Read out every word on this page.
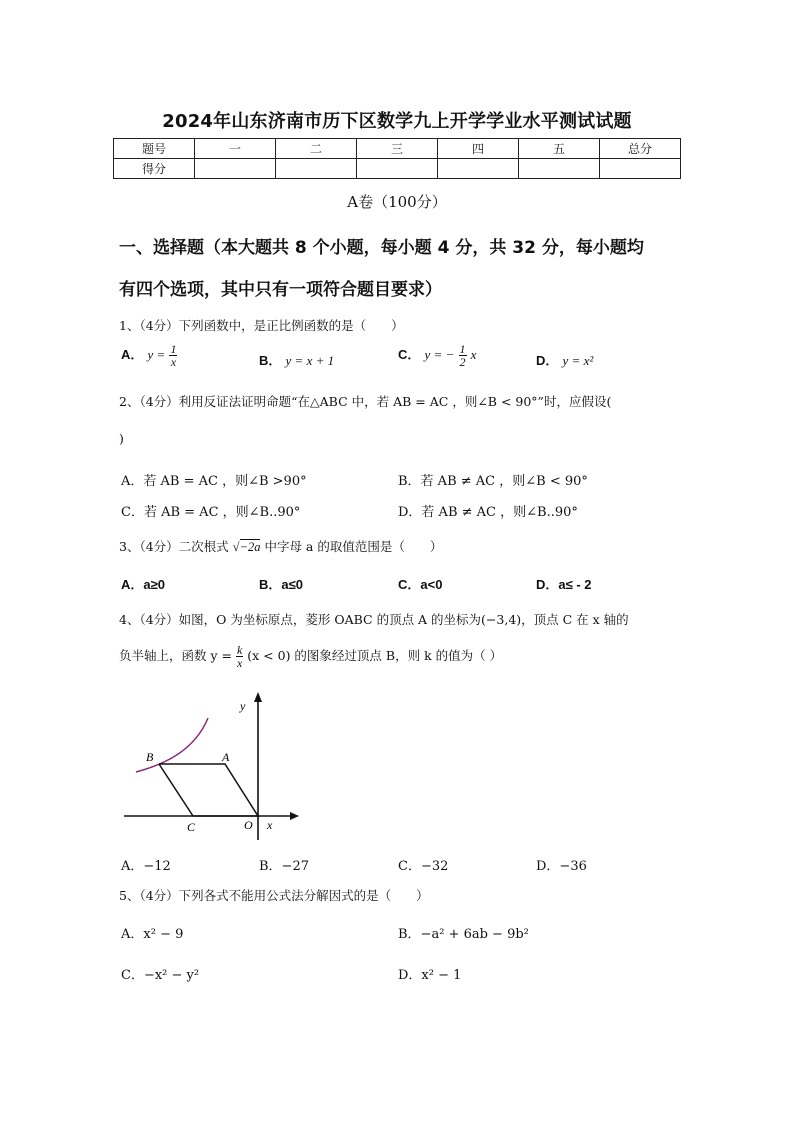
2024年山东济南市历下区数学九上开学学业水平测试试题
题号	一	二	三	四	五	总分
得分						
A卷（100分）
一、选择题（本大题共 8 个小题，每小题 4 分，共 32 分，每小题均
有四个选项，其中只有一项符合题目要求）
1、（4分）下列函数中，是正比例函数的是（　　）
A． $y = \frac{1}{x}$	B． y = x + 1	C． y = − $\frac{1}{2}$ x	D． y = x²
2、（4分）利用反证法证明命题“在△ABC 中，若 AB = AC ，则∠B < 90°”时，应假设(
)
A．若 AB = AC ，则∠B >90°	B．若 AB ≠ AC ，则∠B < 90°
C．若 AB = AC ，则∠B..90°	D．若 AB ≠ AC ，则∠B..90°
3、（4分）二次根式 √−2a 中字母 a 的取值范围是（　　）
A．a≥0	B．a≤0	C．a<0	D．a≤ - 2
4、（4分）如图，O 为坐标原点，菱形 OABC 的顶点 A 的坐标为(−3,4)，顶点 C 在 x 轴的
负半轴上，函数 $y = \frac{k}{x} (x < 0)$ 的图象经过顶点 B，则 k 的值为（ ）
B	A
C	O x
y
A．−12	B．−27	C．−32	D．−36
5、（4分）下列各式不能用公式法分解因式的是（　　）
A．x² − 9	B．−a² + 6ab − 9b²
C．−x² − y²	D．x² − 1
